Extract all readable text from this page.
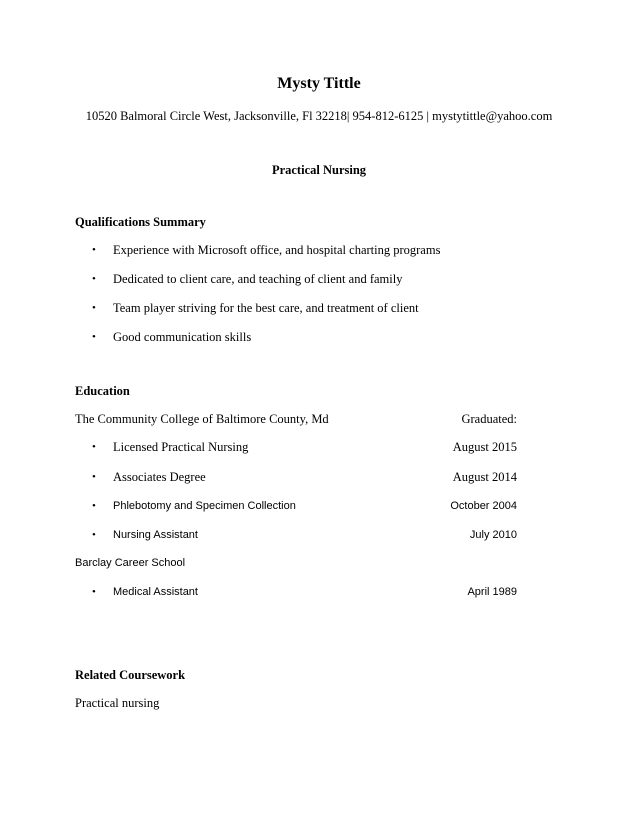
Mysty Tittle
10520 Balmoral Circle West, Jacksonville, Fl 32218| 954-812-6125 | mystytittle@yahoo.com
Practical Nursing
Qualifications Summary
• Experience with Microsoft office, and hospital charting programs
• Dedicated to client care, and teaching of client and family
• Team player striving for the best care, and treatment of client
• Good communication skills
Education
The Community College of Baltimore County, Md	Graduated:
• Licensed Practical Nursing	August 2015
• Associates Degree	August 2014
• Phlebotomy and Specimen Collection	October 2004
• Nursing Assistant	July 2010
Barclay Career School
• Medical Assistant	April 1989
Related Coursework
Practical nursing
